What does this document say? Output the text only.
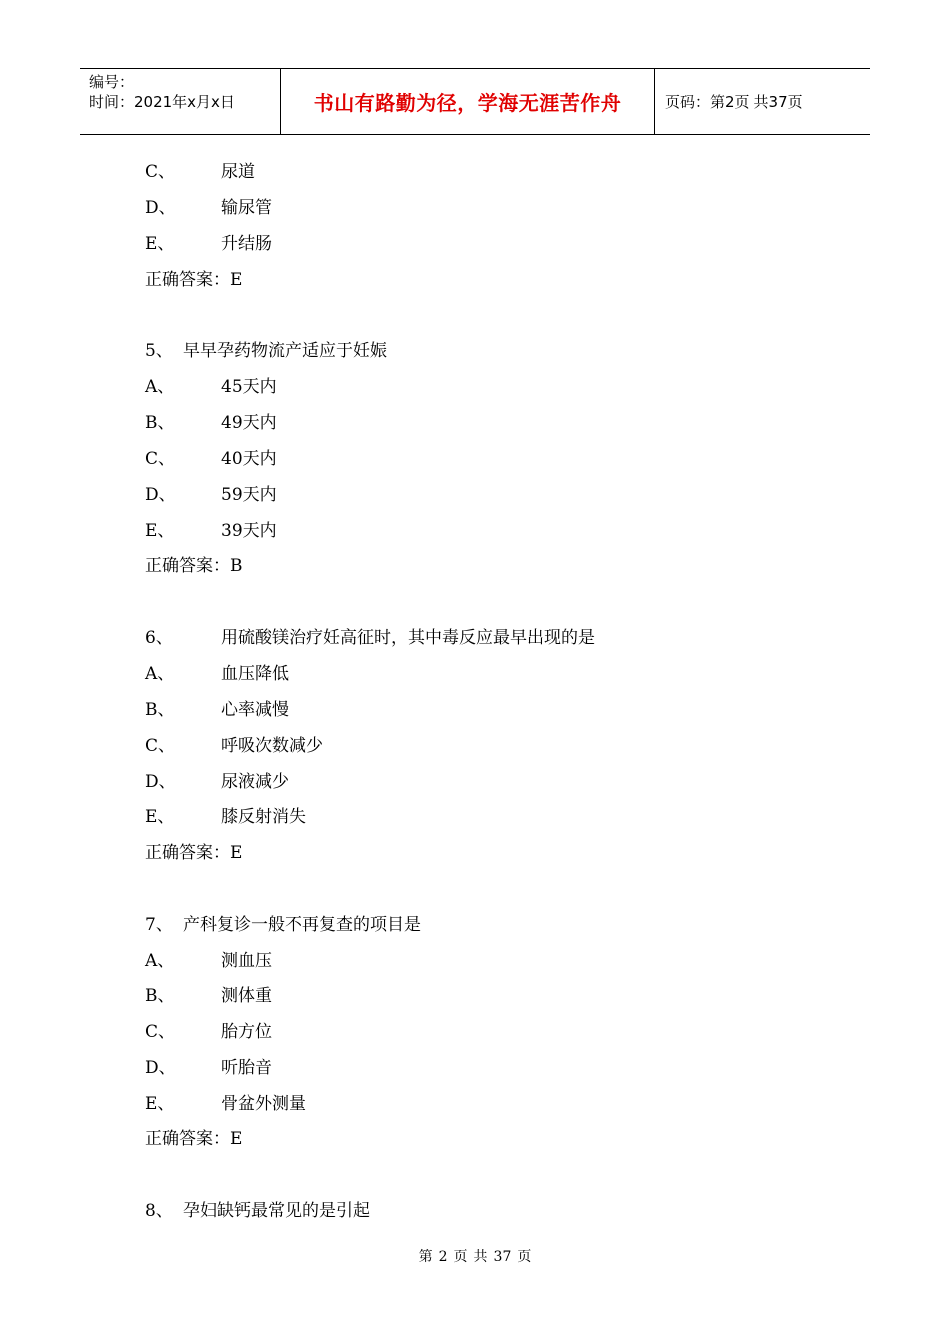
编号：
时间：2021年x月x日	书山有路勤为径，学海无涯苦作舟	页码：第2页 共37页
C、	尿道
D、	输尿管
E、	升结肠
正确答案：E
5、 早早孕药物流产适应于妊娠
A、	45天内
B、	49天内
C、	40天内
D、	59天内
E、	39天内
正确答案：B
6、	用硫酸镁治疗妊高征时，其中毒反应最早出现的是
A、	血压降低
B、	心率减慢
C、	呼吸次数减少
D、	尿液减少
E、	膝反射消失
正确答案：E
7、 产科复诊一般不再复查的项目是
A、	测血压
B、	测体重
C、	胎方位
D、	听胎音
E、	骨盆外测量
正确答案：E
8、 孕妇缺钙最常见的是引起
第 2 页 共 37 页
